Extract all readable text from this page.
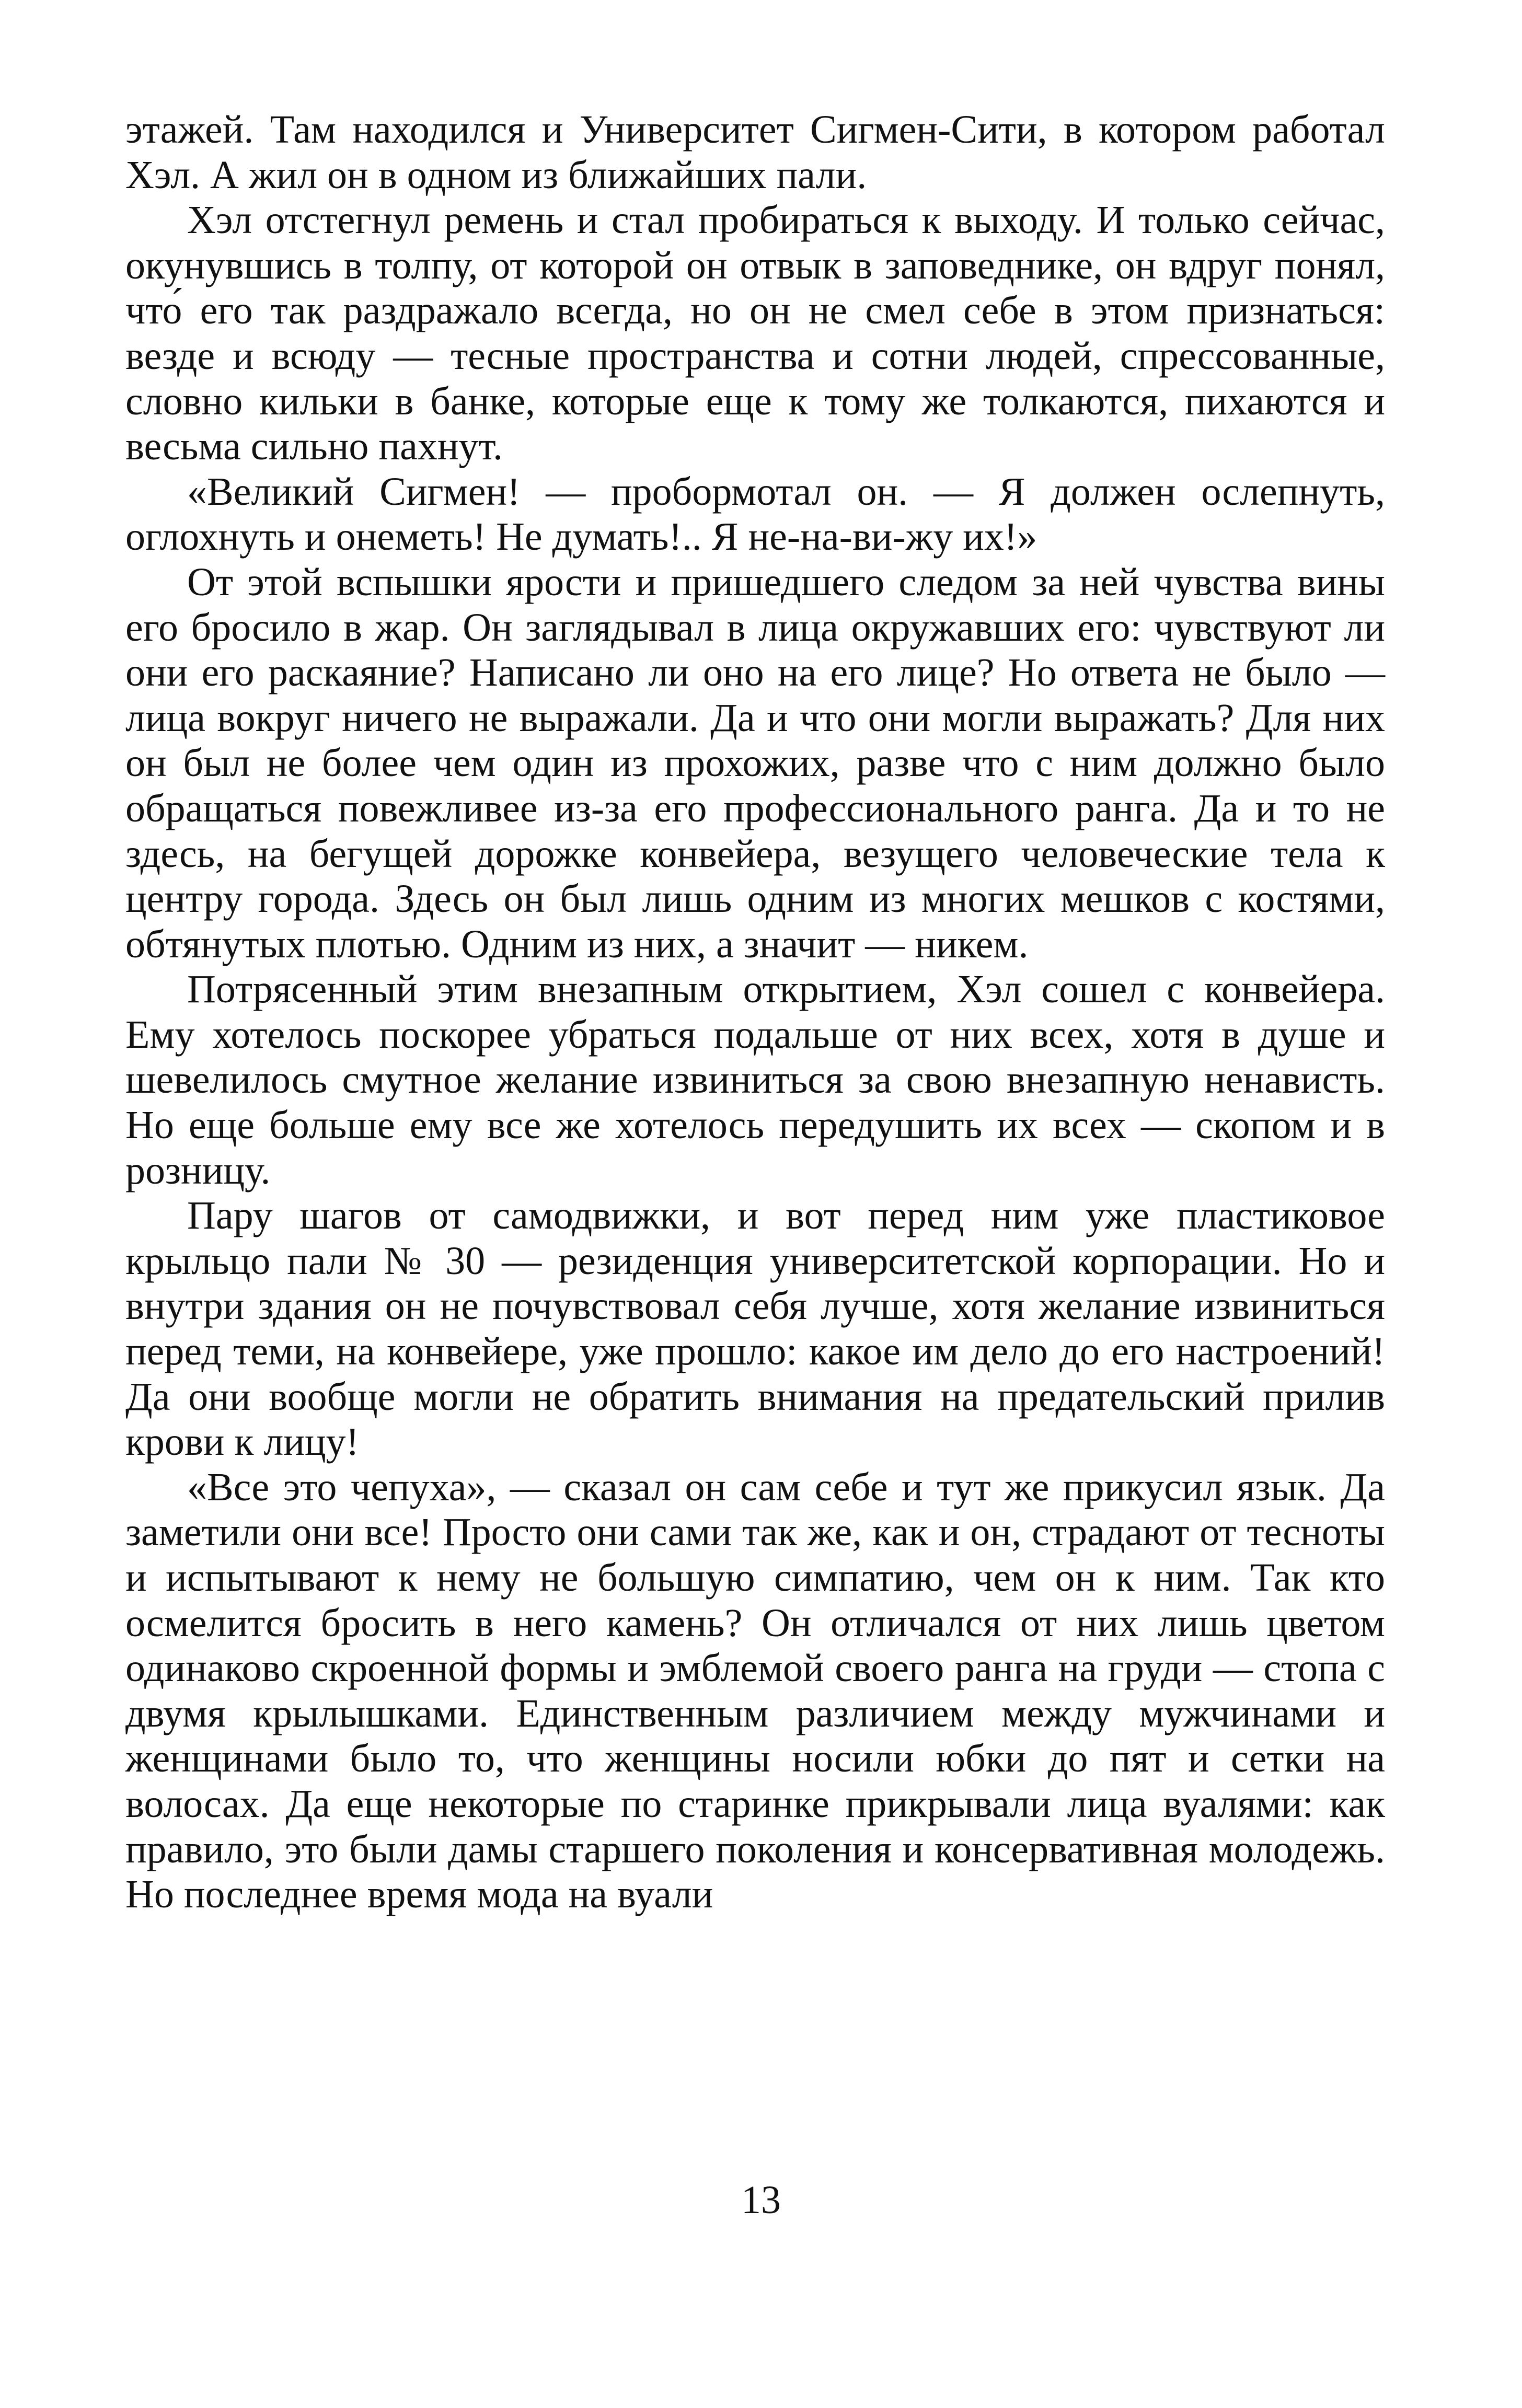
этажей. Там находился и Университет Сигмен-Сити, в котором работал Хэл. А жил он в одном из ближайших пали.

Хэл отстегнул ремень и стал пробираться к выходу. И только сейчас, окунувшись в толпу, от которой он отвык в заповеднике, он вдруг понял, что́ его так раздражало всегда, но он не смел себе в этом признаться: везде и всюду — тесные пространства и сотни людей, спрессованные, словно кильки в банке, которые еще к тому же толкаются, пихаются и весьма сильно пахнут.

«Великий Сигмен! — пробормотал он. — Я должен ослепнуть, оглохнуть и онеметь! Не думать!.. Я не-на-ви-жу их!»

От этой вспышки ярости и пришедшего следом за ней чувства вины его бросило в жар. Он заглядывал в лица окружавших его: чувствуют ли они его раскаяние? Написано ли оно на его лице? Но ответа не было — лица вокруг ничего не выражали. Да и что они могли выражать? Для них он был не более чем один из прохожих, разве что с ним должно было обращаться повежливее из-за его профессионального ранга. Да и то не здесь, на бегущей дорожке конвейера, везущего человеческие тела к центру города. Здесь он был лишь одним из многих мешков с костями, обтянутых плотью. Одним из них, а значит — никем.

Потрясенный этим внезапным открытием, Хэл сошел с конвейера. Ему хотелось поскорее убраться подальше от них всех, хотя в душе и шевелилось смутное желание извиниться за свою внезапную ненависть. Но еще больше ему все же хотелось передушить их всех — скопом и в розницу.

Пару шагов от самодвижки, и вот перед ним уже пластиковое крыльцо пали № 30 — резиденция университетской корпорации. Но и внутри здания он не почувствовал себя лучше, хотя желание извиниться перед теми, на конвейере, уже прошло: какое им дело до его настроений! Да они вообще могли не обратить внимания на предательский прилив крови к лицу!

«Все это чепуха», — сказал он сам себе и тут же прикусил язык. Да заметили они все! Просто они сами так же, как и он, страдают от тесноты и испытывают к нему не большую симпатию, чем он к ним. Так кто осмелится бросить в него камень? Он отличался от них лишь цветом одинаково скроенной формы и эмблемой своего ранга на груди — стопа с двумя крылышками. Единственным различием между мужчинами и женщинами было то, что женщины носили юбки до пят и сетки на волосах. Да еще некоторые по старинке прикрывали лица вуалями: как правило, это были дамы старшего поколения и консервативная молодежь. Но последнее время мода на вуали

13
